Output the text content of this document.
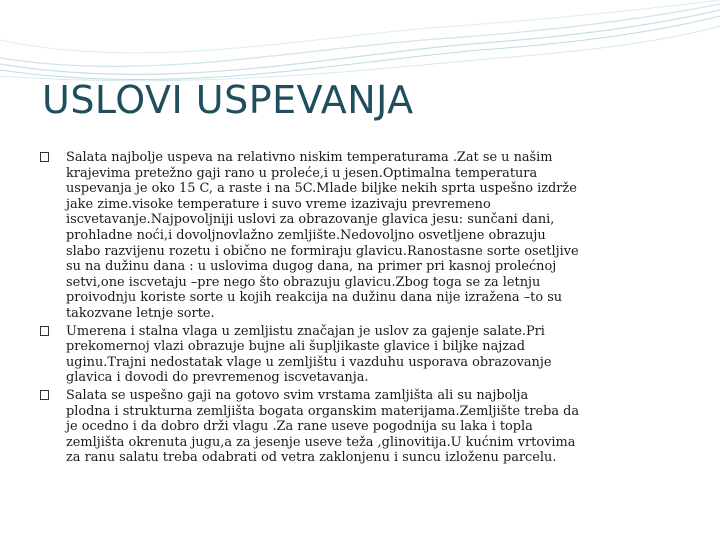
USLOVI USPEVANJA
Salata najbolje uspeva na relativno niskim temperaturama .Zat se u našim
krajevima pretežno gaji rano u proleće,i u jesen.Optimalna temperatura
uspevanja je oko 15 C, a raste i na 5C.Mlade biljke nekih sprta uspešno izdrže
jake zime.visoke temperature i suvo vreme izazivaju prevremeno
iscvetavanje.Najpovoljniji uslovi za obrazovanje glavica jesu: sunčani dani,
prohladne noći,i dovoljnovlažno zemljište.Nedovoljno osvetljene obrazuju
slabo razvijenu rozetu i obično ne formiraju glavicu.Ranostasne sorte osetljive
su na dužinu dana : u uslovima dugog dana, na primer pri kasnoj prolećnoj
setvi,one iscvetaju –pre nego što obrazuju glavicu.Zbog toga se za letnju
proivodnju koriste sorte u kojih reakcija na dužinu dana nije izražena –to su
takozvane letnje sorte.
Umerena i stalna vlaga u zemljistu značajan je uslov za gajenje salate.Pri
prekomernoj vlazi obrazuje bujne ali šupljikaste glavice i biljke najzad
uginu.Trajni nedostatak vlage u zemljištu i vazduhu usporava obrazovanje
glavica i dovodi do prevremenog iscvetavanja.
Salata se uspešno gaji na gotovo svim vrstama zamljišta ali su najbolja
plodna i strukturna zemljišta bogata organskim materijama.Zemljište treba da
je ocedno i da dobro drži vlagu .Za rane useve pogodnija su laka i topla
zemljišta okrenuta jugu,a za jesenje useve teža ,glinovitija.U kućnim vrtovima
za ranu salatu treba odabrati od vetra zaklonjenu i suncu izloženu parcelu.
